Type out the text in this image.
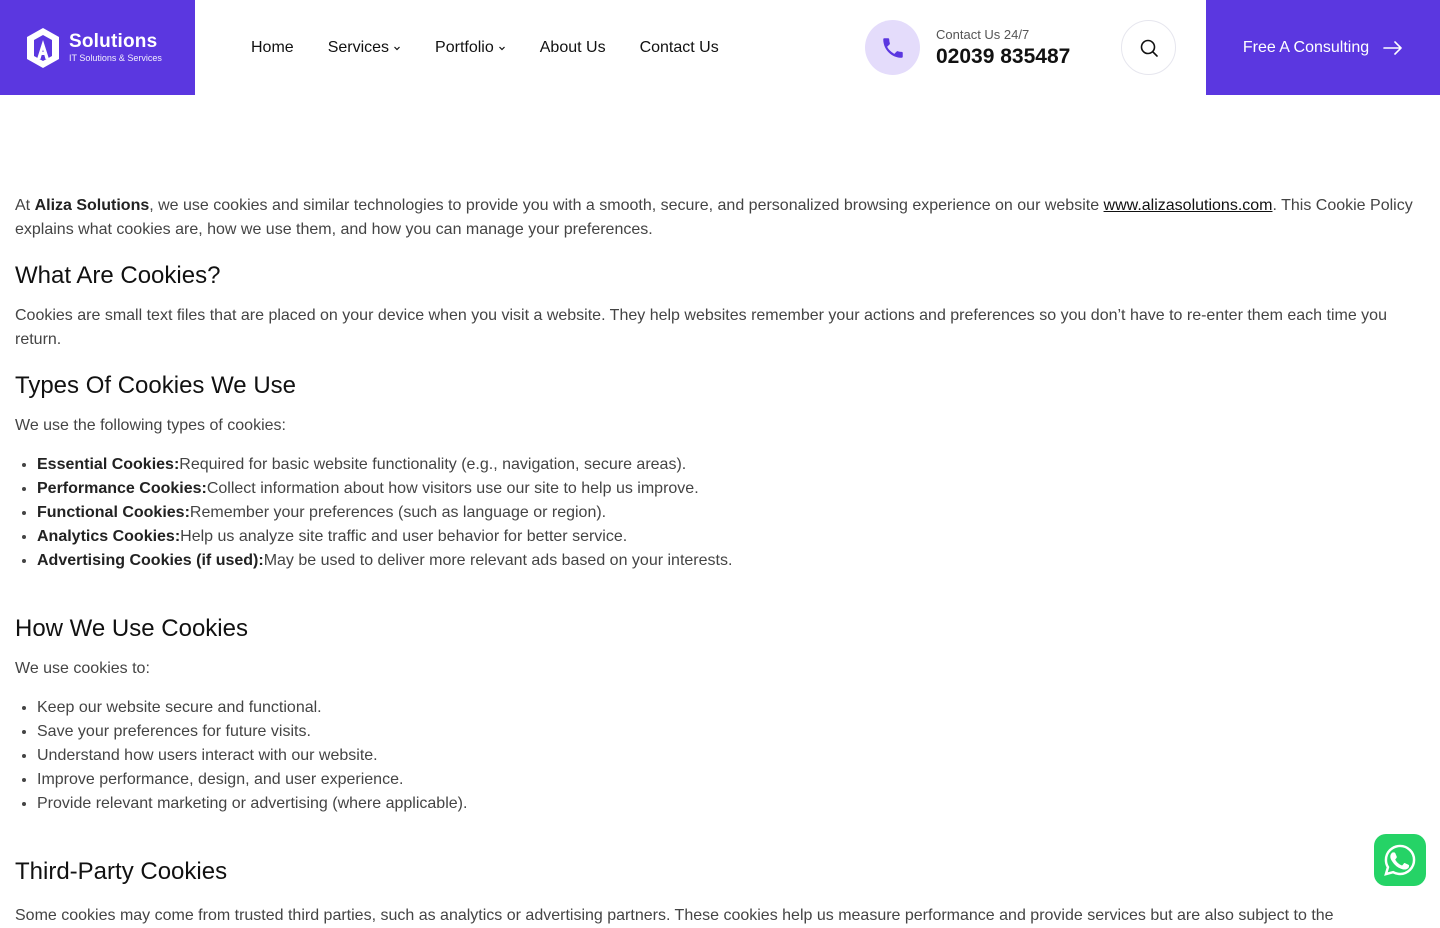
Solutions
IT Solutions & Services
Home Services	Portfolio	About Us Contact Us
Contact Us 24/7
02039 835487	Free A Consulting

At Aliza Solutions, we use cookies and similar technologies to provide you with a smooth, secure, and personalized browsing experience on our website www.alizasolutions.com. This Cookie Policy explains what cookies are, how we use them, and how you can manage your preferences.

What Are Cookies?

Cookies are small text files that are placed on your device when you visit a website. They help websites remember your actions and preferences so you don’t have to re-enter them each time you return.

Types Of Cookies We Use

We use the following types of cookies:

• Essential Cookies:Required for basic website functionality (e.g., navigation, secure areas).
• Performance Cookies:Collect information about how visitors use our site to help us improve.
• Functional Cookies:Remember your preferences (such as language or region).
• Analytics Cookies:Help us analyze site traffic and user behavior for better service.
• Advertising Cookies (if used):May be used to deliver more relevant ads based on your interests.
How We Use Cookies

We use cookies to:

• Keep our website secure and functional.
• Save your preferences for future visits.
• Understand how users interact with our website.
• Improve performance, design, and user experience.
• Provide relevant marketing or advertising (where applicable).
Third-Party Cookies

Some cookies may come from trusted third parties, such as analytics or advertising partners. These cookies help us measure performance and provide services but are also subject to the
